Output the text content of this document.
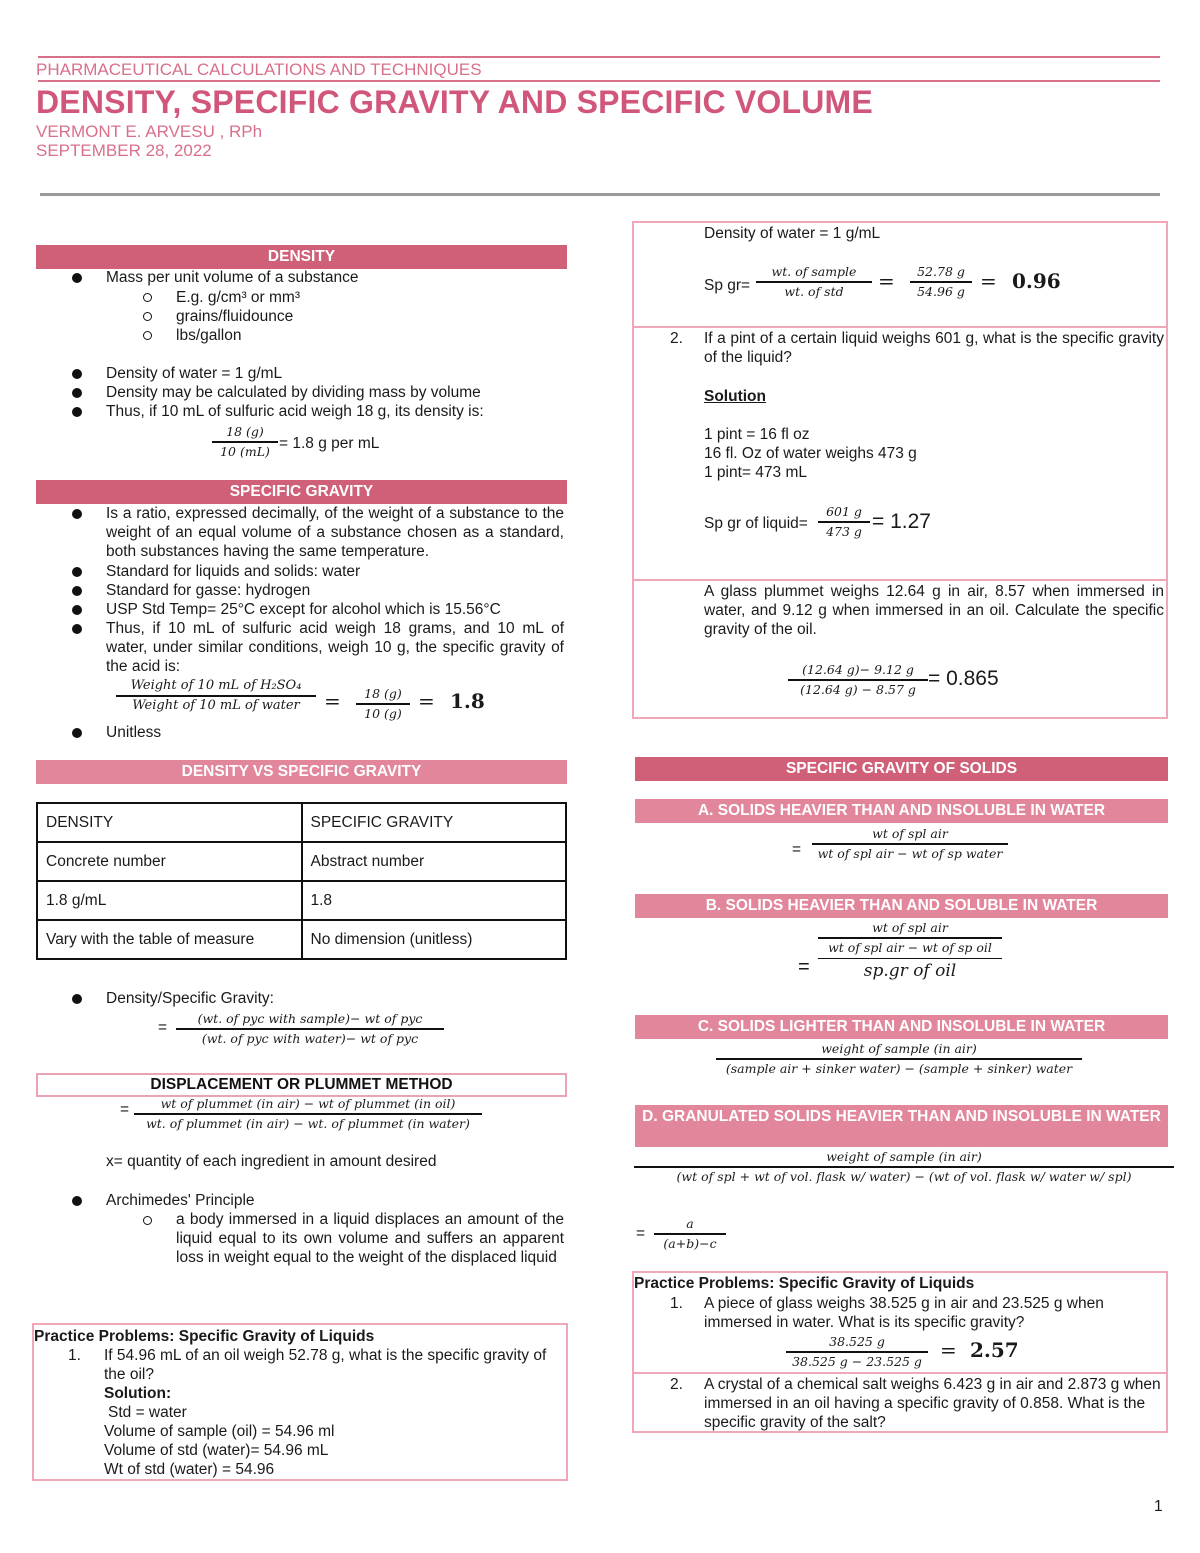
PHARMACEUTICAL CALCULATIONS AND TECHNIQUES
DENSITY, SPECIFIC GRAVITY AND SPECIFIC VOLUME
VERMONT E. ARVESU , RPh
SEPTEMBER 28, 2022
DENSITY
Mass per unit volume of a substance
E.g. g/cm³ or mm³
grains/fluidounce
lbs/gallon
Density of water = 1 g/mL
Density may be calculated by dividing mass by volume
Thus, if 10 mL of sulfuric acid weigh 18 g, its density is:
18 (g)
10 (mL) = 1.8 g per mL
SPECIFIC GRAVITY
Is a ratio, expressed decimally, of the weight of a substance to the weight of an equal volume of a substance chosen as a standard, both substances having the same temperature.
Standard for liquids and solids: water
Standard for gasse: hydrogen
USP Std Temp= 25°C except for alcohol which is 15.56°C
Thus, if 10 mL of sulfuric acid weigh 18 grams, and 10 mL of water, under similar conditions, weigh 10 g, the specific gravity of the acid is:
Weight of 10 mL of H₂SO₄
Weight of 10 mL of water	=	18 (g)
10 (g) = 1.8
Unitless
DENSITY VS SPECIFIC GRAVITY
DENSITY	SPECIFIC GRAVITY
Concrete number	Abstract number
1.8 g/mL	1.8
Vary with the table of measure	No dimension (unitless)
Density/Specific Gravity:
=
(wt. of pyc with sample)− wt of pyc
(wt. of pyc with water)− wt of pyc
DISPLACEMENT OR PLUMMET METHOD
=	wt of plummet (in air) − wt of plummet (in oil)
wt. of plummet (in air) − wt. of plummet (in water)
x= quantity of each ingredient in amount desired
Archimedes' Principle
a body immersed in a liquid displaces an amount of the liquid equal to its own volume and suffers an apparent loss in weight equal to the weight of the displaced liquid
Practice Problems: Specific Gravity of Liquids
1. If 54.96 mL of an oil weigh 52.78 g, what is the specific gravity of the oil?
Solution:
Std = water
Volume of sample (oil) = 54.96 ml
Volume of std (water)= 54.96 mL
Wt of std (water) = 54.96
Density of water = 1 g/mL
Sp gr=
wt. of sample
wt. of std	=	52.78 g
54.96 g = 0.96
2. If a pint of a certain liquid weighs 601 g, what is the specific gravity of the liquid?
Solution
1 pint = 16 fl oz
16 fl. Oz of water weighs 473 g
1 pint= 473 mL
Sp gr of liquid=
601 g
473 g = 1.27
A glass plummet weighs 12.64 g in air, 8.57 when immersed in water, and 9.12 g when immersed in an oil. Calculate the specific gravity of the oil.
(12.64 g)− 9.12 g
(12.64 g) − 8.57 g = 0.865
SPECIFIC GRAVITY OF SOLIDS
A. SOLIDS HEAVIER THAN AND INSOLUBLE IN WATER
=
wt of spl air
wt of spl air − wt of sp water
B. SOLIDS HEAVIER THAN AND SOLUBLE IN WATER
=
wt of spl air
wt of spl air − wt of sp oil
sp.gr of oil
C. SOLIDS LIGHTER THAN AND INSOLUBLE IN WATER
weight of sample (in air)
(sample air + sinker water) − (sample + sinker) water
D. GRANULATED SOLIDS HEAVIER THAN AND INSOLUBLE IN WATER
weight of sample (in air)
(wt of spl + wt of vol. flask w/ water) − (wt of vol. flask w/ water w/ spl)
=
a
(a+b)−c
Practice Problems: Specific Gravity of Liquids
1. A piece of glass weighs 38.525 g in air and 23.525 g when immersed in water. What is its specific gravity?
38.525 g
38.525 g − 23.525 g = 2.57
2. A crystal of a chemical salt weighs 6.423 g in air and 2.873 g when immersed in an oil having a specific gravity of 0.858. What is the specific gravity of the salt?
1
